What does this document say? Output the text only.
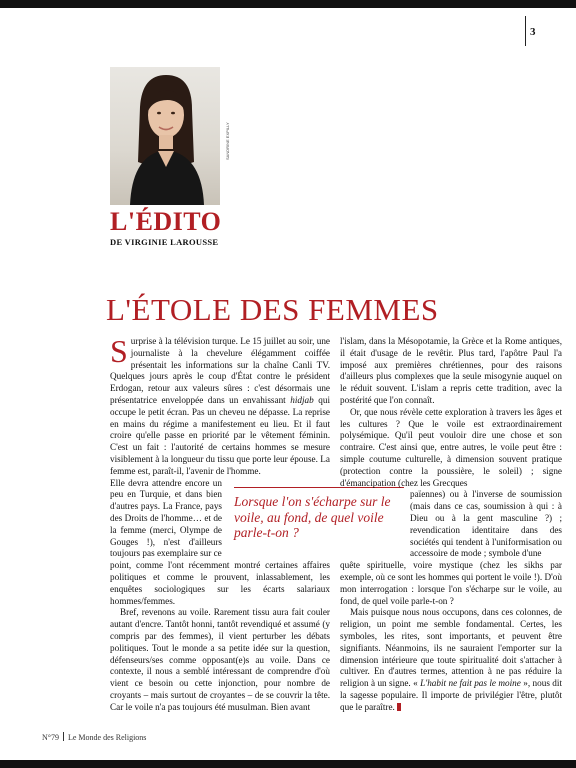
3
SANDRINE EXPILLY
L'ÉDITO
DE VIRGINIE LAROUSSE
L'ÉTOLE DES FEMMES

Surprise à la télévision turque. Le 15 juillet au soir, une journaliste à la chevelure élégamment coiffée présentait les informations sur la chaîne Canli TV. Quelques jours après le coup d'État contre le président Erdogan, retour aux valeurs sûres : c'est désormais une présentatrice enveloppée dans un envahissant hidjab qui occupe le petit écran. Pas un cheveu ne dépasse. La reprise en mains du régime a manifestement eu lieu. Et il faut croire qu'elle passe en priorité par le vêtement féminin. C'est un fait : l'autorité de certains hommes se mesure visiblement à la longueur du tissu que porte leur épouse. La femme est, paraît-il, l'avenir de l'homme.

Elle devra attendre encore un peu en Turquie, et dans bien d'autres pays. La France, pays des Droits de l'homme… et de la femme (merci, Olympe de Gouges !), n'est d'ailleurs toujours pas exemplaire sur ce

point, comme l'ont récemment montré certaines affaires politiques et comme le prouvent, inlassablement, les enquêtes sociologiques sur les écarts salariaux hommes/femmes.

Bref, revenons au voile. Rarement tissu aura fait couler autant d'encre. Tantôt honni, tantôt revendiqué et assumé (y compris par des femmes), il vient perturber les débats politiques. Tout le monde a sa petite idée sur la question, défenseurs/ses comme opposant(e)s au voile. Dans ce contexte, il nous a semblé intéressant de comprendre d'où vient ce besoin ou cette injonction, pour nombre de croyants – mais surtout de croyantes – de se couvrir la tête. Car le voile n'a pas toujours été musulman. Bien avant

Lorsque l'on s'écharpe sur le voile, au fond, de quel voile parle-t-on ?

l'islam, dans la Mésopotamie, la Grèce et la Rome antiques, il était d'usage de le revêtir. Plus tard, l'apôtre Paul l'a imposé aux premières chrétiennes, pour des raisons d'ailleurs plus complexes que la seule misogynie auquel on le réduit souvent. L'islam a repris cette tradition, avec la postérité que l'on connaît.

Or, que nous révèle cette exploration à travers les âges et les cultures ? Que le voile est extraordinairement polysémique. Qu'il peut vouloir dire une chose et son contraire. C'est ainsi que, entre autres, le voile peut être : simple coutume culturelle, à dimension souvent pratique (protection contre la poussière, le soleil) ; signe d'émancipation (chez les Grecques

païennes) ou à l'inverse de soumission (mais dans ce cas, soumission à qui : à Dieu ou à la gent masculine ?) ; revendication identitaire dans des sociétés qui tendent à l'uniformisation ou accessoire de mode ; symbole d'une

quête spirituelle, voire mystique (chez les sikhs par exemple, où ce sont les hommes qui portent le voile !). D'où mon interrogation : lorsque l'on s'écharpe sur le voile, au fond, de quel voile parle-t-on ?

Mais puisque nous nous occupons, dans ces colonnes, de religion, un point me semble fondamental. Certes, les symboles, les rites, sont importants, et peuvent être signifiants. Néanmoins, ils ne sauraient l'emporter sur la dimension intérieure que toute spiritualité doit s'attacher à cultiver. En d'autres termes, attention à ne pas réduire la religion à un signe. « L'habit ne fait pas le moine », nous dit la sagesse populaire. Il importe de privilégier l'être, plutôt que le paraître.

N°79 Le Monde des Religions
